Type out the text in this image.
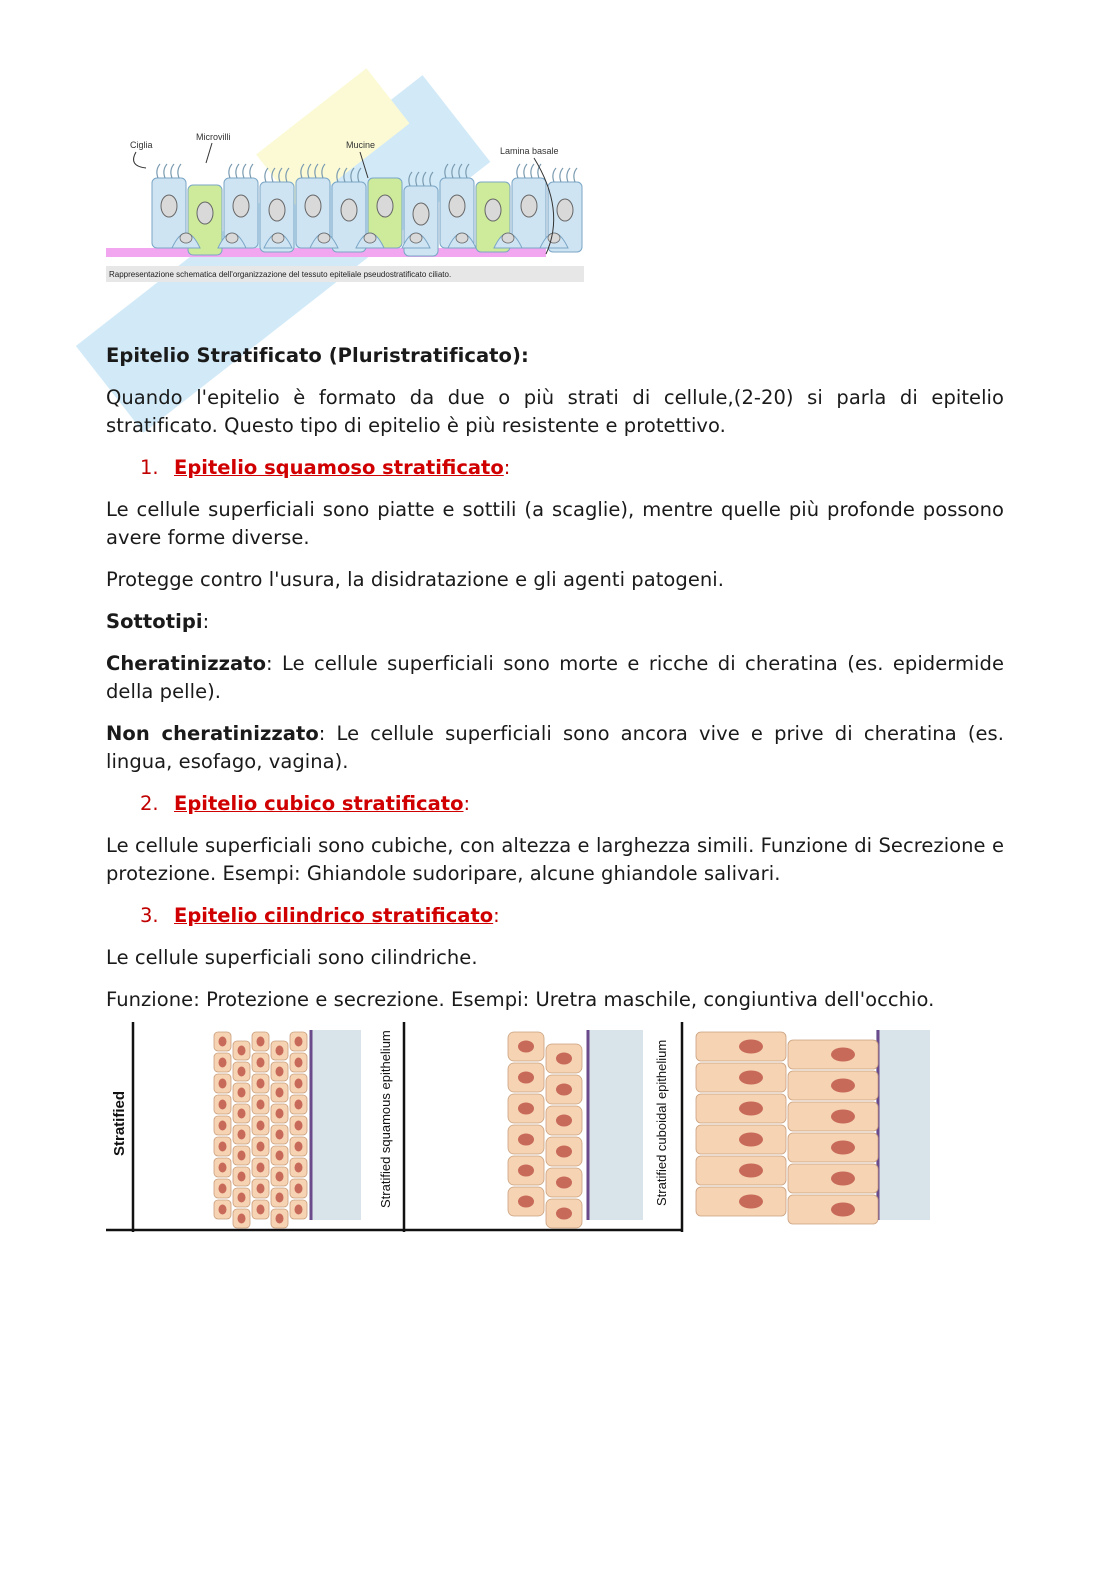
Ciglia
Microvilli
Mucine
Lamina basale
Rappresentazione schematica dell'organizzazione del tessuto epiteliale pseudostratificato ciliato.

Epitelio Stratificato (Pluristratificato):

Quando l'epitelio è formato da due o più strati di cellule,(2-20) si parla di epitelio stratificato. Questo tipo di epitelio è più resistente e protettivo.

1. Epitelio squamoso stratificato:

Le cellule superficiali sono piatte e sottili (a scaglie), mentre quelle più profonde possono avere forme diverse.

Protegge contro l'usura, la disidratazione e gli agenti patogeni.

Sottotipi:

Cheratinizzato: Le cellule superficiali sono morte e ricche di cheratina (es. epidermide della pelle).

Non cheratinizzato: Le cellule superficiali sono ancora vive e prive di cheratina (es. lingua, esofago, vagina).

2. Epitelio cubico stratificato:

Le cellule superficiali sono cubiche, con altezza e larghezza simili. Funzione di Secrezione e protezione. Esempi: Ghiandole sudoripare, alcune ghiandole salivari.

3. Epitelio cilindrico stratificato:

Le cellule superficiali sono cilindriche.

Funzione: Protezione e secrezione. Esempi: Uretra maschile, congiuntiva dell'occhio.

Stratified	Stratified squamous epithelium	Stratified cuboidal epithelium
